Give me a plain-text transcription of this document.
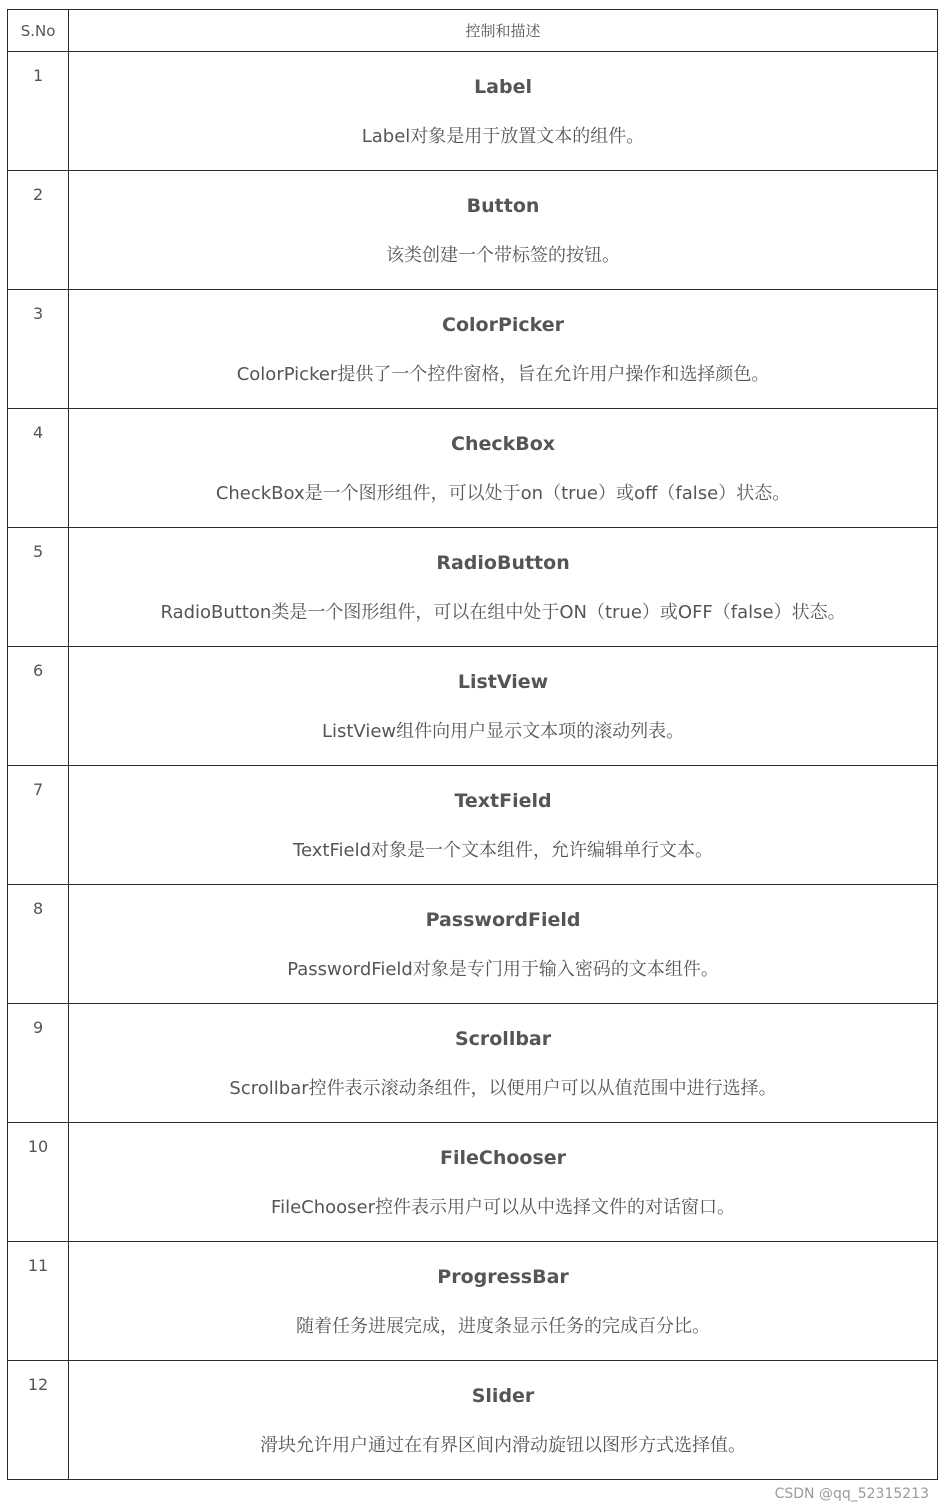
S.No	控制和描述
1	Label
Label对象是用于放置文本的组件。

2	Button
该类创建一个带标签的按钮。

3	ColorPicker
ColorPicker提供了一个控件窗格，旨在允许用户操作和选择颜色。

4	CheckBox
CheckBox是一个图形组件，可以处于on（true）或off（false）状态。

5	RadioButton
RadioButton类是一个图形组件，可以在组中处于ON（true）或OFF（false）状态。

6	ListView
ListView组件向用户显示文本项的滚动列表。

7	TextField
TextField对象是一个文本组件，允许编辑单行文本。

8	PasswordField
PasswordField对象是专门用于输入密码的文本组件。

9	Scrollbar
Scrollbar控件表示滚动条组件，以便用户可以从值范围中进行选择。

10	FileChooser
FileChooser控件表示用户可以从中选择文件的对话窗口。

11	ProgressBar
随着任务进展完成，进度条显示任务的完成百分比。

12	Slider
滑块允许用户通过在有界区间内滑动旋钮以图形方式选择值。
CSDN @qq_52315213
